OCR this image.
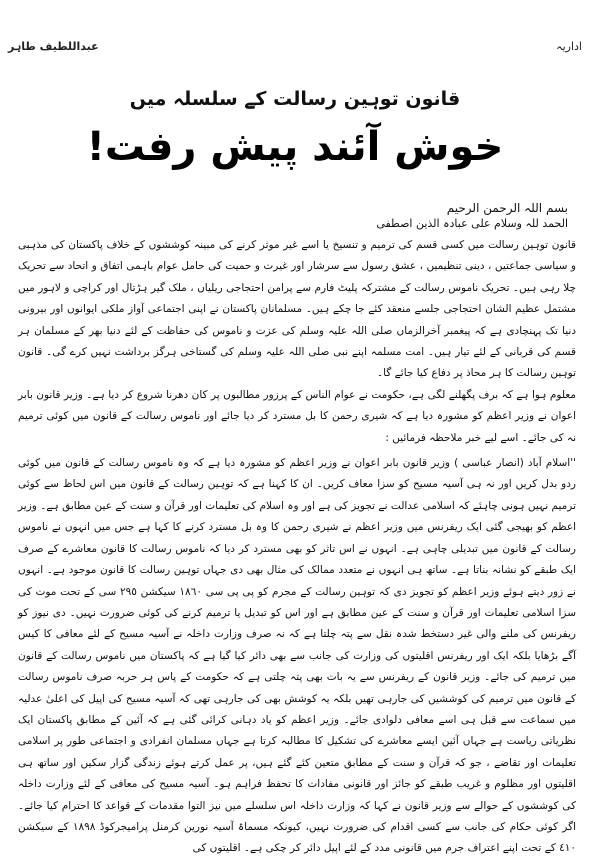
عبداللطیف طاہر	اداریہ
قانون توہین رسالت کے سلسلہ میں
خوش آئند پیش رفت!
بسم اللہ الرحمن الرحیم
الحمد للہ وسلام علی عبادہ الذین اصطفی

قانون توہین رسالت میں کسی قسم کی ترمیم و تنسیخ یا اسے غیر موثر کرنے کی مبینہ کوششوں کے خلاف پاکستان کی مذہبی و سیاسی جماعتیں ، دینی تنظیمیں ، عشق رسول سے سرشار اور غیرت و حمیت کی حامل عوام باہمی اتفاق و اتحاد سے تحریک چلا رہی ہیں۔ تحریک ناموس رسالت کے مشترکہ پلیٹ فارم سے پرامن احتجاجی ریلیاں ، ملک گیر ہڑتال اور کراچی و لاہور میں مشتمل عظیم الشان احتجاجی جلسے منعقد کئے جا چکے ہیں۔ مسلمانان پاکستان نے اپنی اجتماعی آواز ملکی ایوانوں اور بیرونی دنیا تک پہنچادی ہے کہ پیغمبر آخرالزماں صلی اللہ علیہ وسلم کی عزت و ناموس کی حفاظت کے لئے دنیا بھر کے مسلمان ہر قسم کی قربانی کے لئے تیار ہیں۔ امت مسلمہ اپنے نبی صلی اللہ علیہ وسلم کی گستاخی ہرگز برداشت نہیں کرے گی۔ قانون توہین رسالت کا ہر محاذ پر دفاع کیا جائے گا۔

معلوم ہوا ہے کہ برف پگھلنے لگی ہے، حکومت نے عوام الناس کے پرزور مطالبوں پر کان دھرنا شروع کر دیا ہے۔ وزیر قانون بابر اعوان نے وزیر اعظم کو مشورہ دیا ہے کہ شیری رحمن کا بل مسترد کر دیا جائے اور ناموس رسالت کے قانون میں کوئی ترمیم نہ کی جائے۔ اسے لیے خبر ملاحظہ فرمائیں :

''اسلام آباد (انصار عباسی ) وزیر قانون بابر اعوان نے وزیر اعظم کو مشورہ دیا ہے کہ وہ ناموس رسالت کے قانون میں کوئی ردو بدل کریں اور نہ ہی آسیہ مسیح کو سزا معاف کریں۔ ان کا کہنا ہے کہ توہین رسالت کے قانون میں اس لحاظ سے کوئی ترمیم نہیں ہونی چاہئے کہ اسلامی عدالت نے تجویز کی ہے اور وہ اسلام کی تعلیمات اور قرآن و سنت کے عین مطابق ہے۔ وزیر اعظم کو بھیجی گئی ایک ریفرنس میں وزیر اعظم نے شیری رحمن کا وہ بل مسترد کرنے کا کہا ہے جس میں انہوں نے ناموس رسالت کے قانون میں تبدیلی چاہی ہے۔ انہوں نے اس تاثر کو بھی مسترد کر دیا کہ ناموس رسالت کا قانون معاشرے کے صرف ایک طبقے کو نشانہ بناتا ہے۔ ساتھ ہی انہوں نے متعدد ممالک کی مثال بھی دی جہاں توہین رسالت کا قانون موجود ہے۔ انہوں نے زور دیتے ہوئے وزیر اعظم کو تجویز دی کہ توہین رسالت کے مجرم کو پی پی سی ١٨٦٠ سیکشن ٢٩٥ سی کے تحت موت کی سزا اسلامی تعلیمات اور قرآن و سنت کے عین مطابق ہے اور اس کو تبدیل یا ترمیم کرنے کی کوئی ضرورت نہیں۔ دی نیوز کو ریفرنس کی ملنے والی غیر دستخط شدہ نقل سے پتہ چلتا ہے کہ نہ صرف وزارت داخلہ نے آسیہ مسیح کے لئے معافی کا کیس آگے بڑھایا بلکہ ایک اور ریفرنس اقلیتوں کی وزارت کی جانب سے بھی دائر کیا گیا ہے کہ پاکستان میں ناموس رسالت کے قانون میں ترمیم کی جائے۔ وزیر قانون کے ریفرنس سے یہ بات بھی پتہ چلتی ہے کہ حکومت کے پاس ہر حربہ صرف ناموس رسالت کے قانون میں ترمیم کی کوششیں کی جارہی تھیں بلکہ یہ کوشش بھی کی جارہی تھی کہ آسیہ مسیح کی اپیل کی اعلیٰ عدلیہ میں سماعت سے قبل ہی اسے معافی دلوادی جائے۔ وزیر اعظم کو یاد دہانی کرائی گئی ہے کہ آئین کے مطابق پاکستان ایک نظریاتی ریاست ہے جہاں آئین ایسے معاشرے کی تشکیل کا مطالبہ کرتا ہے جہاں مسلمان انفرادی و اجتماعی طور پر اسلامی تعلیمات اور تقاضے ، جو کہ قرآن و سنت کے مطابق متعین کئے گئے ہیں، پر عمل کرتے ہوئے زندگی گزار سکیں اور ساتھ ہی اقلیتوں اور مظلوم و غریب طبقے کو جائز اور قانونی مفادات کا تحفظ فراہم ہو۔ آسیہ مسیح کی معافی کے لئے وزارت داخلہ کی کوششوں کے حوالے سے وزیر قانون نے کہا کہ وزارت داخلہ اس سلسلے میں نیز التوا مقدمات کے قواعد کا احترام کیا جائے۔ اگر کوئی حکام کی جانب سے کسی اقدام کی ضرورت نہیں، کیونکہ مسماۃ آسیہ نورین کرمنل پرامیجرکوڈ ١٨٩٨ کے سیکشن ٤١٠ کے تحت اپنے اعتراف جرم میں قانونی مدد کے لئے اپیل دائر کر چکی ہے۔ اقلیتوں کی
